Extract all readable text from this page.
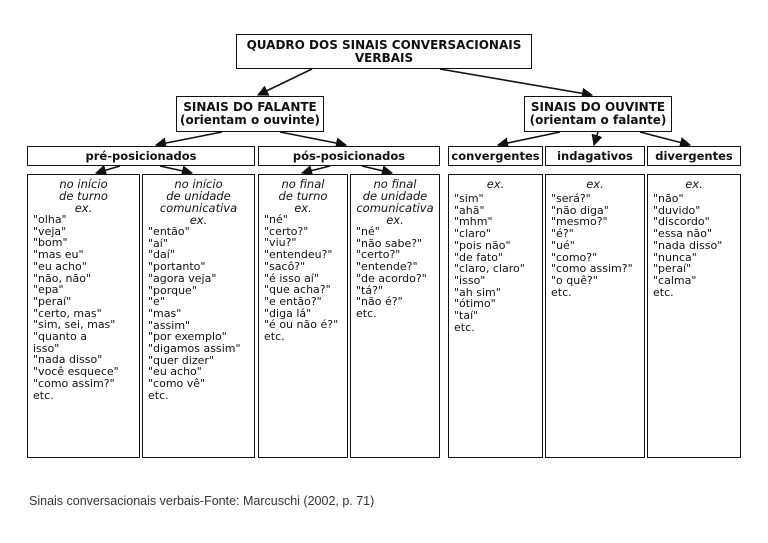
QUADRO DOS SINAIS CONVERSACIONAIS VERBAIS
SINAIS DO FALANTE
(orientam o ouvinte)
SINAIS DO OUVINTE
(orientam o falante)
pré-posicionados	pós-posicionados	convergentes indagativos divergentes
no início
de turno
ex.
"olha"
"veja"
"bom"
"mas eu"
"eu acho"
"não, não"
"epa"
"peraí"
"certo, mas"
"sim, sei, mas"
"quanto a
isso"
"nada disso"
"você esquece"
"como assim?"
etc.
no início
de unidade
comunicativa
ex.
"então"
"aí"
"daí"
"portanto"
"agora veja"
"porque"
"e"
"mas"
"assim"
"por exemplo"
"digamos assim"
"quer dizer"
"eu acho"
"como vê"
etc.
no final
de turno
ex.
"né"
"certo?"
"viu?"
"entendeu?"
"sacô?"
"é isso aí"
"que acha?"
"e então?"
"diga lá"
"é ou não é?"
etc.
no final
de unidade
comunicativa
ex.
"né"
"não sabe?"
"certo?"
"entende?"
"de acordo?"
"tá?"
"não é?"
etc.
ex.
"sim"
"ahã"
"mhm"
"claro"
"pois não"
"de fato"
"claro, claro"
"isso"
"ah sim"
"ótimo"
"taí"
etc.
ex.
"será?"
"não diga"
"mesmo?"
"é?"
"ué"
"como?"
"como assim?"
"o quê?"
etc.
ex.
"não"
"duvido"
"discordo"
"essa não"
"nada disso"
"nunca"
"peraí"
"calma"
etc.
Sinais conversacionais verbais-Fonte: Marcuschi (2002, p. 71)
